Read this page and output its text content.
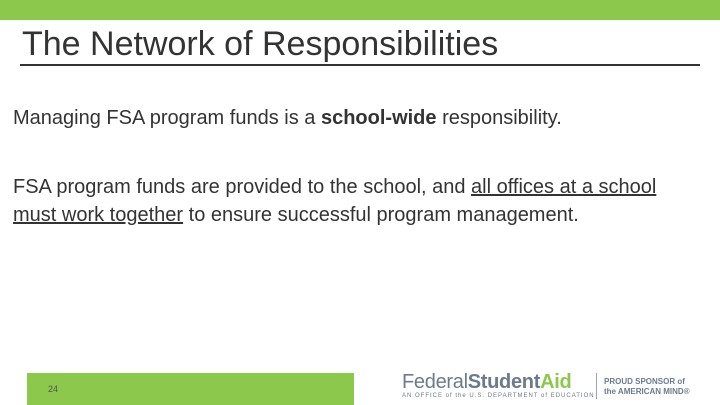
The Network of Responsibilities
Managing FSA program funds is a school-wide responsibility.
FSA program funds are provided to the school, and all offices at a school must work together to ensure successful program management.
24	FederalStudentAid
AN OFFICE of the U.S. DEPARTMENT of EDUCATION
PROUD SPONSOR of
the AMERICAN MIND®
